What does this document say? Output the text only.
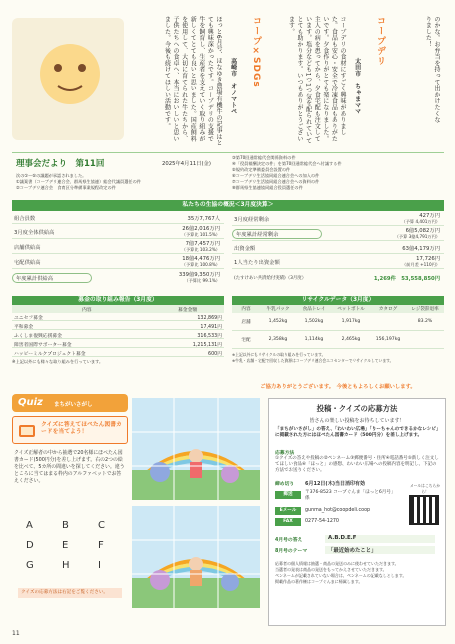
のかな。お弁当を持って出かけたくなりました！
コープデリ
太田市　ちゃまママ
コープデリの食材にすごく興味がありました。食品も安心・安全で冷凍食品もありがたいです。夕食作りがとても楽になりました。主人の病を患ってから、夕食宅配も注文しています。塩分なども1つ1つ気を配られていてとても助かります。いつもありがとうございます。
コープ×SDGs
高崎市　オノマトペ
ほっと6月号、ほなゆき農場有機牛の記事はとても興味深かったです。コープデリの支援で牛を飼育し、生産者を支えていく取り組みが新しくてとても良いと思いました。国産飼料を使用して、大切に育てられた牛たちから、子供たちへの食卓へ、本当においしいと思いました。今後も続けてほしい活動です。
理事会だより　第11回	2025年4月11日(金)
次の①〜⑤の議題が承認されました。
①議案書（コープデリ連合会、群馬県生協連）総会代議員選任の件
②コープデリ連合会　食育区分準備事業規程改定の件
③第70回通常総代会関係資料の件
④「役員報酬決定の件」を第70回通常総代会へ付議する件
⑤規約改定準備委員会設置の件
⑥コープデリ生活協同組合連合会への加入の件
⑦コープデリ生活協同組合連合会への資料の件
⑧群馬県生協連協同組合役員選任の件
私たちの生協の概況＜3月度決算＞
組合員数	35万7,767人
3月度全体供給高
26億2,016万円
（予算比 101.5%）
店舗供給高
7億7,457万円
（予算比 103.2%）
宅配供給高
18億4,476万円
（予算比 100.8%）
年度累計供給高
339億9,350万円
（予算比 99.1%）
3月度経常剰余
427万円
（予算 4,401万円）
年度累計経常剰余
6億5,082万円
（予算 3億4,791万円）
出資金額	63億4,179万円
1人当たり出資金額
17,726円
（前月差 +110円）
(たすけあい共済給付実績)（3月度）	1,269件　53,558,850円
募金の取り組み報告（3月度）
内容	募金金額
ユニセフ募金	132,869円
平和募金	17,491円
ふくしま復興応援募金	316,533円
障害者国際サポーター募金	1,215,131円
ハッピーミルクプロジェクト募金	600円
※上記以外にも様々な取り組みを行っています。
リサイクルデータ（3月度）
内容	牛乳パック	食品トレイ	ペットボトル	カタログ	レジ袋辞退率
店舗	1,452kg	1,502kg	1,917kg	83.2%
宅配	2,358kg	1,114kg	2,465kg	156,197kg
※上記以外にもリサイクルの取り組みを行っています。
※牛乳・店舗・宅配で回収した資源はコープデリ連合会エコセンターでリサイクルしています。
ご協力ありがとうございます。　今後ともよろしくお願いします。
Quiz まちがいさがし
クイズに答えてほぺたん図書カードを当てよう！
クイズ正解者の中から抽選で20名様にほぺたん図書カード(500円分)を差し上げます。右の2つの絵を比べて、5カ所の間違いを探してください。違うところに当てはまる枠内のアルファベットでお答えください。
A	B	C
D	E	F
G	H	I
クイズの応募方法は右記をご覧ください。
投稿・クイズの応募方法
皆さんの楽しい投稿をお待ちしています！
「まちがいさがし」の答え、「わいわい広場」「りーちゃんのできるかなレシピ」に掲載された方にはほぺたん図書カード（500円分）を差し上げます。
応募方法
①クイズの答えや投稿の②ペンネーム③郵便番号・住所④電話番号⑤新しく注文してほしい食品⑥「ほっと」の感想、わいわい広場への投稿内容を明記し、下記の方法でお送りください。
締め切り 6月12日(木)当日消印有効
郵送	〒376-8523 コープぐんま「ほっと6月号」係
Eメール	gunma_hot@coopdeli.coop
FAX	0277-54-1270
メールはこちらから！
4月号の答え	A.B.D.E.F
8月号のテーマ	「最近始めたこと」
応募者の個人情報は抽選・商品の発送のみに使わせていただきます。
当選者の発表は商品の発送をもってかえさせていただきます。
ペンネームが記載されていない場合は、ペンネームの記載なしとします。
掲載作品の著作権はコープぐんまに帰属します。
11
